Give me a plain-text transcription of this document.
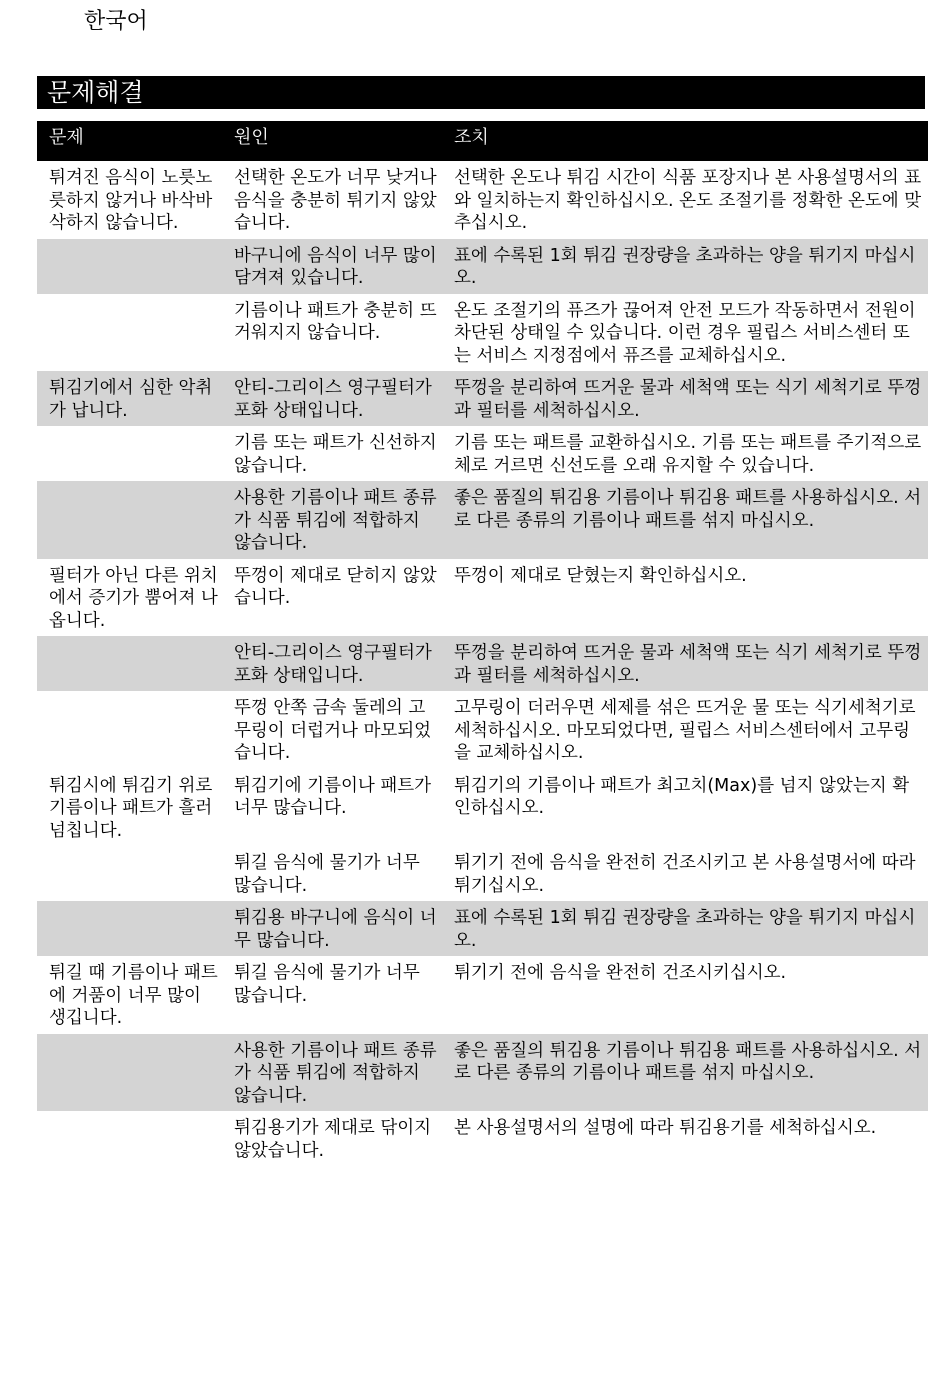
한국어
문제해결
문제	원인	조치
튀겨진 음식이 노릇노릇하지 않거나 바삭바삭하지 않습니다.	선택한 온도가 너무 낮거나 음식을 충분히 튀기지 않았습니다.	선택한 온도나 튀김 시간이 식품 포장지나 본 사용설명서의 표와 일치하는지 확인하십시오. 온도 조절기를 정확한 온도에 맞추십시오.
	바구니에 음식이 너무 많이 담겨져 있습니다.	표에 수록된 1회 튀김 권장량을 초과하는 양을 튀기지 마십시오.
	기름이나 패트가 충분히 뜨거워지지 않습니다.	온도 조절기의 퓨즈가 끊어져 안전 모드가 작동하면서 전원이 차단된 상태일 수 있습니다. 이런 경우 필립스 서비스센터 또는 서비스 지정점에서 퓨즈를 교체하십시오.
튀김기에서 심한 악취가 납니다.	안티-그리이스 영구필터가 포화 상태입니다.	뚜껑을 분리하여 뜨거운 물과 세척액 또는 식기 세척기로 뚜껑과 필터를 세척하십시오.
	기름 또는 패트가 신선하지 않습니다.	기름 또는 패트를 교환하십시오. 기름 또는 패트를 주기적으로 체로 거르면 신선도를 오래 유지할 수 있습니다.
	사용한 기름이나 패트 종류가 식품 튀김에 적합하지 않습니다.	좋은 품질의 튀김용 기름이나 튀김용 패트를 사용하십시오. 서로 다른 종류의 기름이나 패트를 섞지 마십시오.
필터가 아닌 다른 위치에서 증기가 뿜어져 나옵니다.	뚜껑이 제대로 닫히지 않았습니다.	뚜껑이 제대로 닫혔는지 확인하십시오.
	안티-그리이스 영구필터가 포화 상태입니다.	뚜껑을 분리하여 뜨거운 물과 세척액 또는 식기 세척기로 뚜껑과 필터를 세척하십시오.
	뚜껑 안쪽 금속 둘레의 고무링이 더럽거나 마모되었습니다.	고무링이 더러우면 세제를 섞은 뜨거운 물 또는 식기세척기로 세척하십시오. 마모되었다면, 필립스 서비스센터에서 고무링을 교체하십시오.
튀김시에 튀김기 위로 기름이나 패트가 흘러 넘칩니다.	튀김기에 기름이나 패트가 너무 많습니다.	튀김기의 기름이나 패트가 최고치(Max)를 넘지 않았는지 확인하십시오.
	튀길 음식에 물기가 너무 많습니다.	튀기기 전에 음식을 완전히 건조시키고 본 사용설명서에 따라 튀기십시오.
	튀김용 바구니에 음식이 너무 많습니다.	표에 수록된 1회 튀김 권장량을 초과하는 양을 튀기지 마십시오.
튀길 때 기름이나 패트에 거품이 너무 많이 생깁니다.	튀길 음식에 물기가 너무 많습니다.	튀기기 전에 음식을 완전히 건조시키십시오.
	사용한 기름이나 패트 종류가 식품 튀김에 적합하지 않습니다.	좋은 품질의 튀김용 기름이나 튀김용 패트를 사용하십시오. 서로 다른 종류의 기름이나 패트를 섞지 마십시오.
	튀김용기가 제대로 닦이지 않았습니다.	본 사용설명서의 설명에 따라 튀김용기를 세척하십시오.
